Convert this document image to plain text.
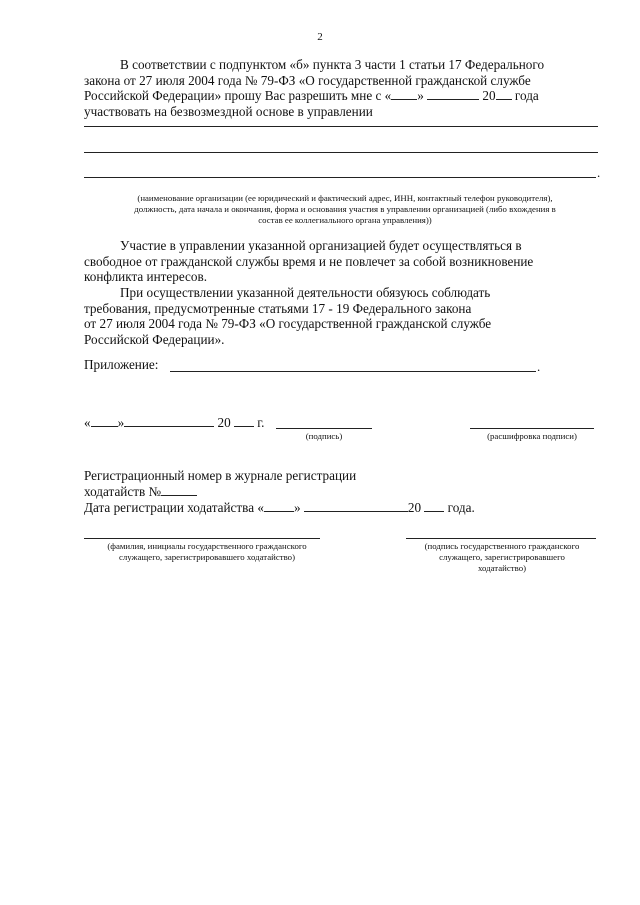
2
В соответствии с подпунктом «б» пункта 3 части 1 статьи 17 Федерального
закона от 27 июля 2004 года № 79-ФЗ «О государственной гражданской службе
Российской Федерации» прошу Вас разрешить мне с « »	20 года
участвовать на безвозмездной основе в управлении
.
(наименование организации (ее юридический и фактический адрес, ИНН, контактный телефон руководителя),
должность, дата начала и окончания, форма и основания участия в управлении организацией (либо вхождения в
состав ее коллегиального органа управления))
Участие в управлении указанной организацией будет осуществляться в
свободное от гражданской службы время и не повлечет за собой возникновение
конфликта интересов.
При осуществлении указанной деятельности обязуюсь соблюдать
требования, предусмотренные статьями 17 - 19 Федерального закона
от 27 июля 2004 года № 79-ФЗ «О государственной гражданской службе
Российской Федерации».
Приложение:	.
« »	20 г.
(подпись)	(расшифровка подписи)
Регистрационный номер в журнале регистрации
ходатайств №
Дата регистрации ходатайства « »	20 года.
(фамилия, инициалы государственного гражданского
служащего, зарегистрировавшего ходатайство)
(подпись государственного гражданского
служащего, зарегистрировавшего
ходатайство)
